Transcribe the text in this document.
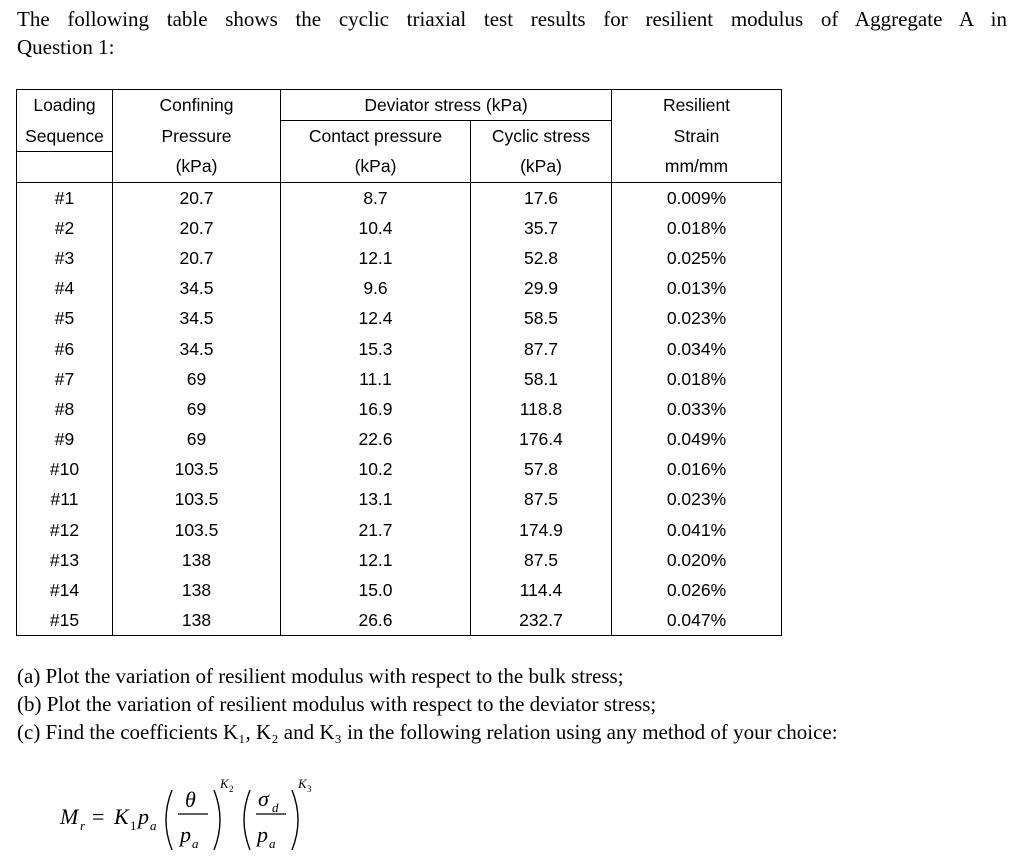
The following table shows the cyclic triaxial test results for resilient modulus of Aggregate A in
Question 1:
Loading	Confining	Deviator stress (kPa)		Resilient
Sequence	Pressure	Contact pressure	Cyclic stress	Strain
	(kPa)	(kPa)	(kPa)	mm/mm
#1	20.7	8.7	17.6	0.009%
#2	20.7	10.4	35.7	0.018%
#3	20.7	12.1	52.8	0.025%
#4	34.5	9.6	29.9	0.013%
#5	34.5	12.4	58.5	0.023%
#6	34.5	15.3	87.7	0.034%
#7	69	11.1	58.1	0.018%
#8	69	16.9	118.8	0.033%
#9	69	22.6	176.4	0.049%
#10	103.5	10.2	57.8	0.016%
#11	103.5	13.1	87.5	0.023%
#12	103.5	21.7	174.9	0.041%
#13	138	12.1	87.5	0.020%
#14	138	15.0	114.4	0.026%
#15	138	26.6	232.7	0.047%
(a) Plot the variation of resilient modulus with respect to the bulk stress;
(b) Plot the variation of resilient modulus with respect to the deviator stress;
(c) Find the coefficients K₁, K₂ and K₃ in the following relation using any method of your choice:
M r = K 1 p a
θ
p a
K 2 σ d
p a
K 3
